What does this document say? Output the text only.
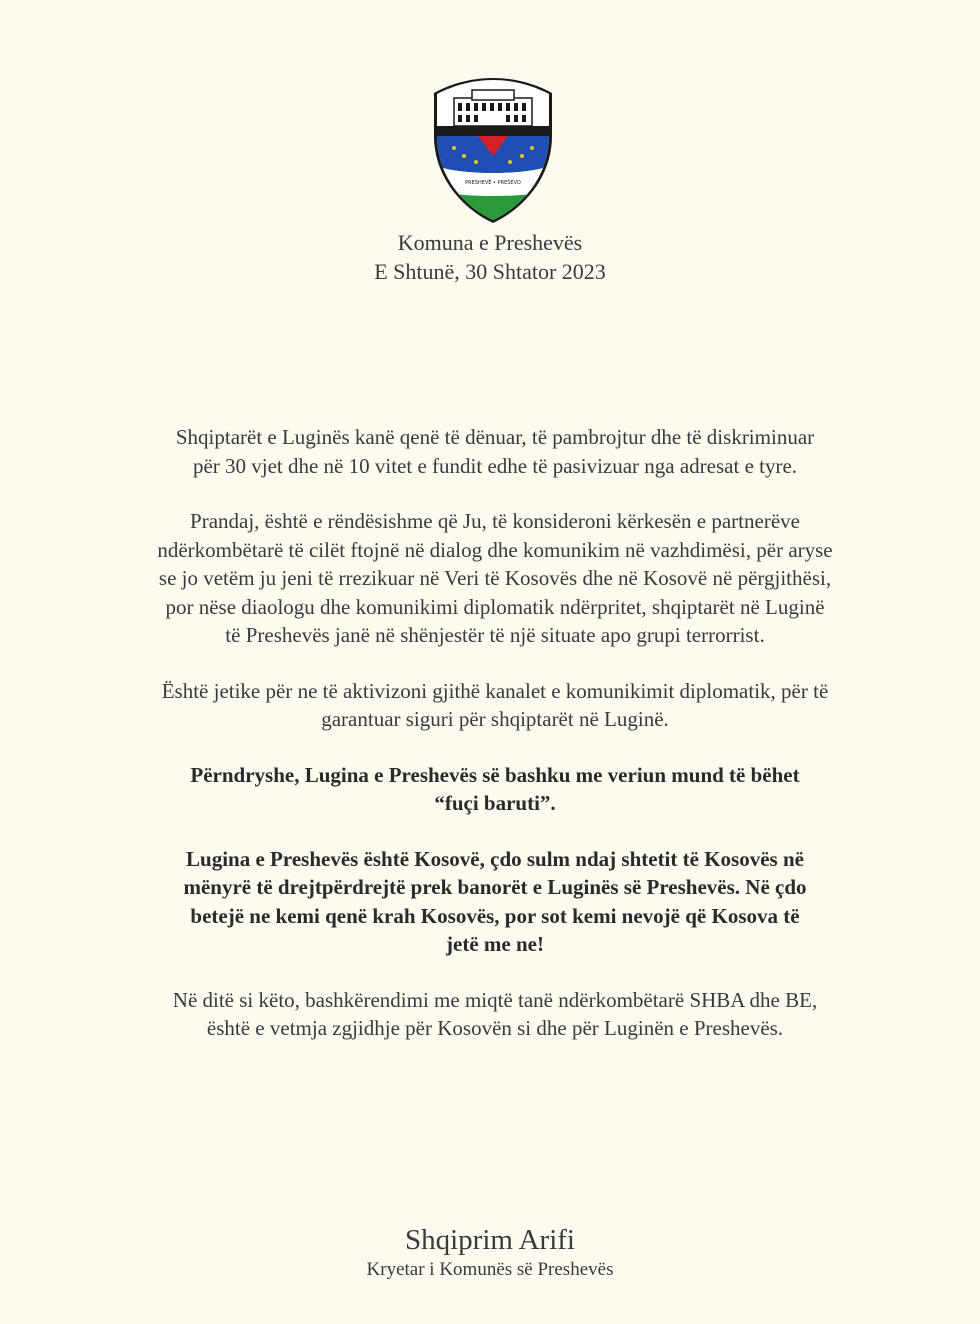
PRESHEVË • PREŠEVO
Komuna e Preshevës
E Shtunë, 30 Shtator 2023

Shqiptarët e Luginës kanë qenë të dënuar, të pambrojtur dhe të diskriminuar
për 30 vjet dhe në 10 vitet e fundit edhe të pasivizuar nga adresat e tyre.

Prandaj, është e rëndësishme që Ju, të konsideroni kërkesën e partnerëve
ndërkombëtarë të cilët ftojnë në dialog dhe komunikim në vazhdimësi, për aryse
se jo vetëm ju jeni të rrezikuar në Veri të Kosovës dhe në Kosovë në përgjithësi,
por nëse diaologu dhe komunikimi diplomatik ndërpritet, shqiptarët në Luginë
të Preshevës janë në shënjestër të një situate apo grupi terrorrist.

Është jetike për ne të aktivizoni gjithë kanalet e komunikimit diplomatik, për të
garantuar siguri për shqiptarët në Luginë.

Përndryshe, Lugina e Preshevës së bashku me veriun mund të bëhet
“fuçi baruti”.

Lugina e Preshevës është Kosovë, çdo sulm ndaj shtetit të Kosovës në
mënyrë të drejtpërdrejtë prek banorët e Luginës së Preshevës. Në çdo
betejë ne kemi qenë krah Kosovës, por sot kemi nevojë që Kosova të
jetë me ne!

Në ditë si këto, bashkërendimi me miqtë tanë ndërkombëtarë SHBA dhe BE,
është e vetmja zgjidhje për Kosovën si dhe për Luginën e Preshevës.

Shqiprim Arifi
Kryetar i Komunës së Preshevës
